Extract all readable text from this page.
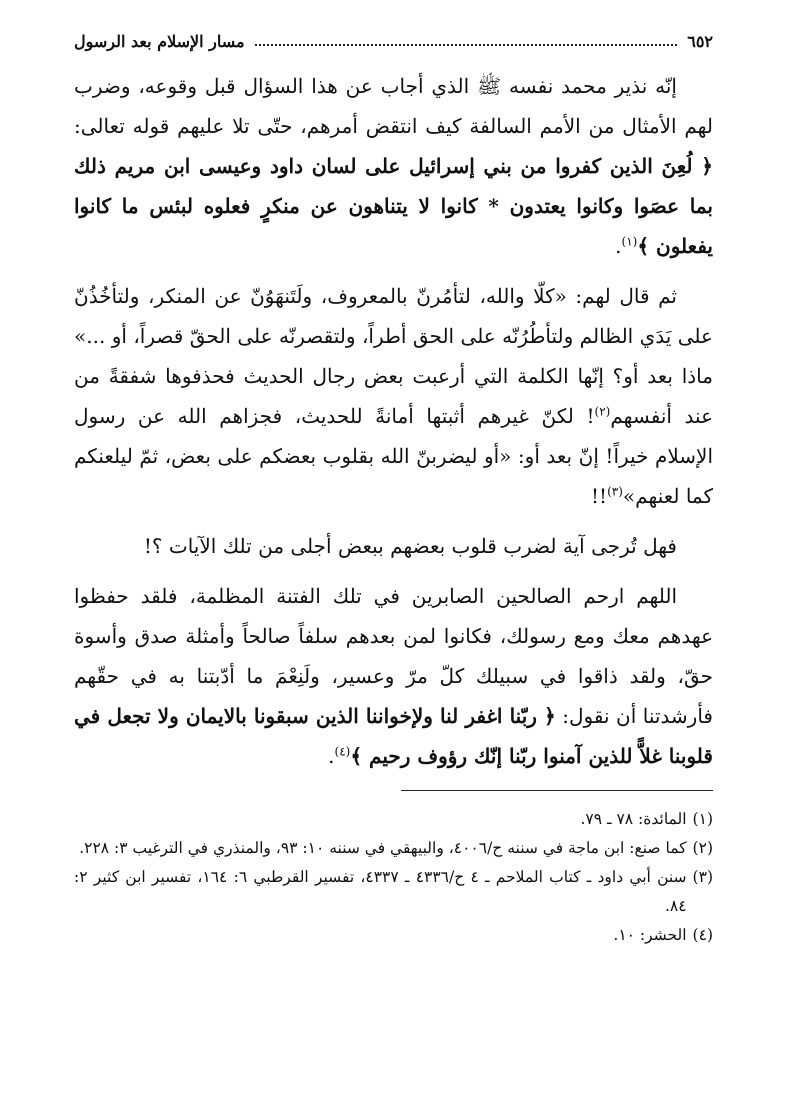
٦٥٢
مسار الإسلام بعد الرسول

إنّه نذير محمد نفسه ﷺ الذي أجاب عن هذا السؤال قبل وقوعه، وضرب لهم الأمثال من الأمم السالفة كيف انتقض أمرهم، حتّى تلا عليهم قوله تعالى: ﴿ لُعِنَ الذين كفروا من بني إسرائيل على لسان داود وعيسى ابن مريم ذلك بما عصَوا وكانوا يعتدون * كانوا لا يتناهون عن منكرٍ فعلوه لبئس ما كانوا يفعلون ﴾$^{(١)}$.

ثم قال لهم: «كلّا والله، لتأمُرنّ بالمعروف، ولَتَنهَوُنّ عن المنكر، ولتأخُذُنّ على يَدَي الظالم ولتأطُرُنّه على الحق أطراً، ولتقصرنّه على الحقّ قصراً، أو ...» ماذا بعد أو؟ إنّها الكلمة التي أرعبت بعض رجال الحديث فحذفوها شفقةً من عند أنفسهم$^{(٢)}$! لكنّ غيرهم أثبتها أمانةً للحديث، فجزاهم الله عن رسول الإسلام خيراً! إنّ بعد أو: «أو ليضربنّ الله بقلوب بعضكم على بعض، ثمّ ليلعنكم كما لعنهم»$^{(٣)}$!!

فهل تُرجى آية لضرب قلوب بعضهم ببعض أجلى من تلك الآيات ؟!

اللهم ارحم الصالحين الصابرين في تلك الفتنة المظلمة، فلقد حفظوا عهدهم معك ومع رسولك، فكانوا لمن بعدهم سلفاً صالحاً وأمثلة صدق وأسوة حقّ، ولقد ذاقوا في سبيلك كلّ مرّ وعسير، ولَنِعْمَ ما أدّبتنا به في حقّهم فأرشدتنا أن نقول: ﴿ ربّنا اغفر لنا ولإخواننا الذين سبقونا بالايمان ولا تجعل في قلوبنا غلاًّ للذين آمنوا ربّنا إنّك رؤوف رحيم ﴾$^{(٤)}$.

(١)
المائدة: ٧٨ ـ ٧٩.
(٢)
كما صنع: ابن ماجة في سننه ح/٤٠٠٦، والبيهقي في سننه ١٠: ٩٣، والمنذري في الترغيب ٣: ٢٢٨.
(٣)
سنن أبي داود ـ كتاب الملاحم ـ ٤ ح/٤٣٣٦ ـ ٤٣٣٧، تفسير القرطبي ٦: ١٦٤، تفسير ابن كثير ٢: ٨٤.
(٤)
الحشر: ١٠.
